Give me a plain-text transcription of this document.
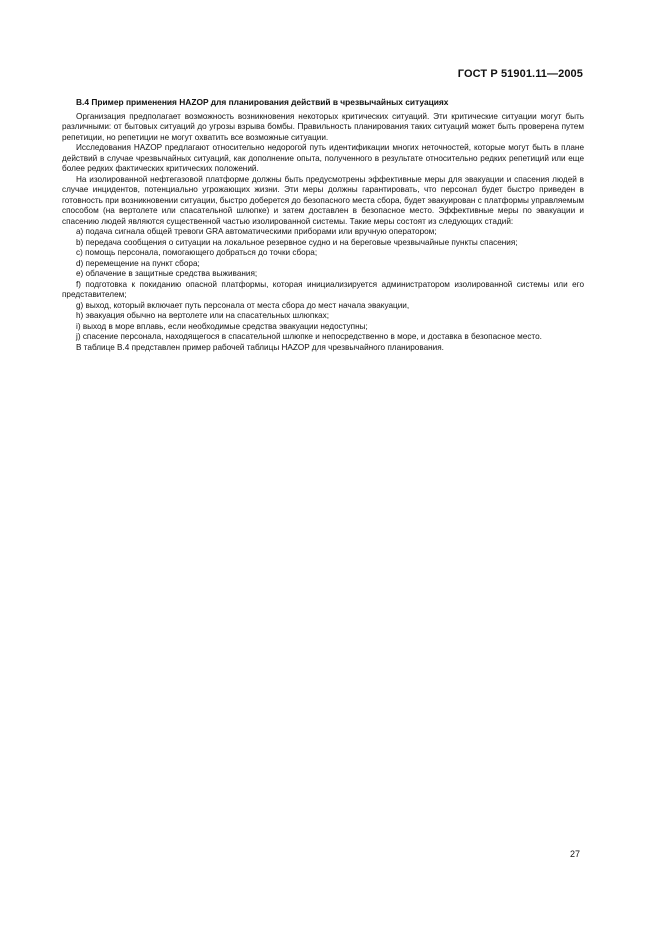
ГОСТ Р 51901.11—2005
В.4 Пример применения HAZOP для планирования действий в чрезвычайных ситуациях

Организация предполагает возможность возникновения некоторых критических ситуаций. Эти критические ситуации могут быть различными: от бытовых ситуаций до угрозы взрыва бомбы. Правильность планирования таких ситуаций может быть проверена путем репетиции, но репетиции не могут охватить все возможные ситуации.

Исследования HAZOP предлагают относительно недорогой путь идентификации многих неточностей, которые могут быть в плане действий в случае чрезвычайных ситуаций, как дополнение опыта, полученного в результате относительно редких репетиций или еще более редких фактических критических положений.

На изолированной нефтегазовой платформе должны быть предусмотрены эффективные меры для эвакуации и спасения людей в случае инцидентов, потенциально угрожающих жизни. Эти меры должны гарантировать, что персонал будет быстро приведен в готовность при возникновении ситуации, быстро доберется до безопасного места сбора, будет эвакуирован с платформы управляемым способом (на вертолете или спасательной шлюпке) и затем доставлен в безопасное место. Эффективные меры по эвакуации и спасению людей являются существенной частью изолированной системы. Такие меры состоят из следующих стадий:

а) подача сигнала общей тревоги GRA автоматическими приборами или вручную оператором;

b) передача сообщения о ситуации на локальное резервное судно и на береговые чрезвычайные пункты спасения;

c) помощь персонала, помогающего добраться до точки сбора;

d) перемещение на пункт сбора;

e) облачение в защитные средства выживания;

f) подготовка к покиданию опасной платформы, которая инициализируется администратором изолированной системы или его представителем;

g) выход, который включает путь персонала от места сбора до мест начала эвакуации,

h) эвакуация обычно на вертолете или на спасательных шлюпках;

i) выход в море вплавь, если необходимые средства эвакуации недоступны;

j) спасение персонала, находящегося в спасательной шлюпке и непосредственно в море, и доставка в безопасное место.

В таблице В.4 представлен пример рабочей таблицы HAZOP для чрезвычайного планирования.

27
